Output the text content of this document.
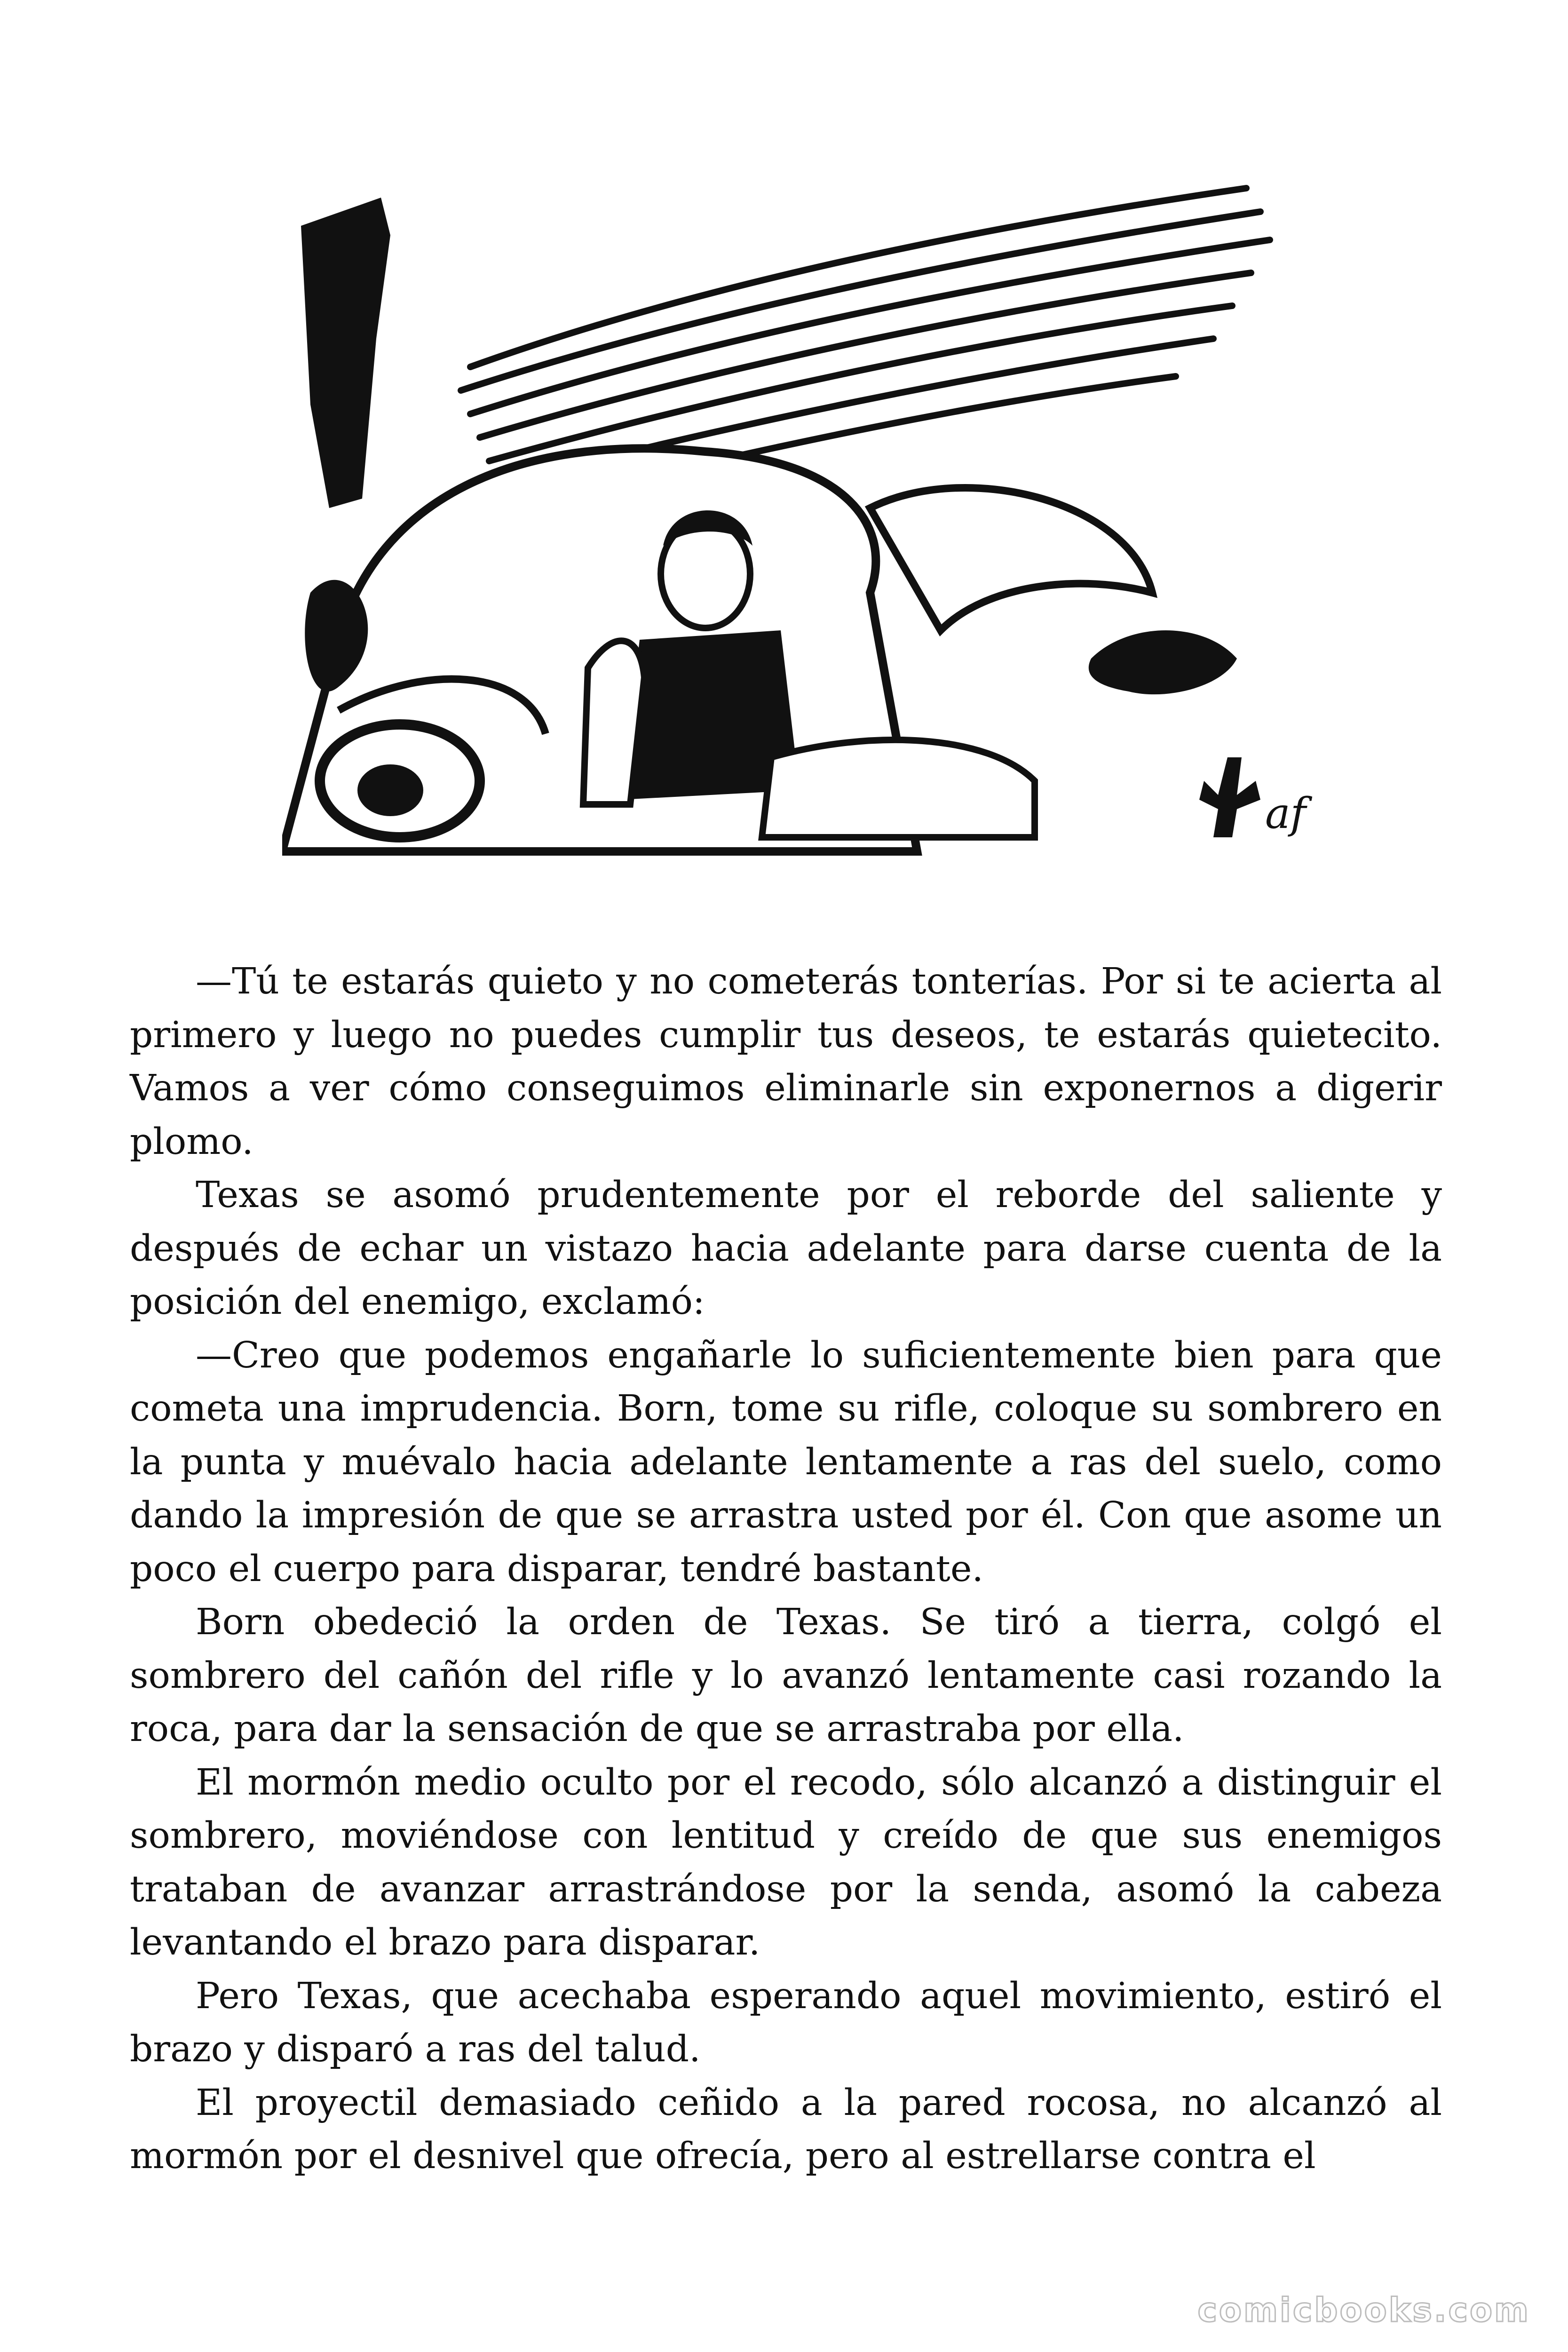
af

—Tú te estarás quieto y no cometerás tonterías. Por si te acierta al primero y luego no puedes cumplir tus deseos, te estarás quietecito. Vamos a ver cómo conseguimos eliminarle sin exponernos a digerir plomo.

Texas se asomó prudentemente por el reborde del saliente y después de echar un vistazo hacia adelante para darse cuenta de la posición del enemigo, exclamó:

—Creo que podemos engañarle lo suficientemente bien para que cometa una imprudencia. Born, tome su rifle, coloque su sombrero en la punta y muévalo hacia adelante lentamente a ras del suelo, como dando la impresión de que se arrastra usted por él. Con que asome un poco el cuerpo para disparar, tendré bastante.

Born obedeció la orden de Texas. Se tiró a tierra, colgó el sombrero del cañón del rifle y lo avanzó lentamente casi rozando la roca, para dar la sensación de que se arrastraba por ella.

El mormón medio oculto por el recodo, sólo alcanzó a distinguir el sombrero, moviéndose con lentitud y creído de que sus enemigos trataban de avanzar arrastrándose por la senda, asomó la cabeza levantando el brazo para disparar.

Pero Texas, que acechaba esperando aquel movimiento, estiró el brazo y disparó a ras del talud.

El proyectil demasiado ceñido a la pared rocosa, no alcanzó al mormón por el desnivel que ofrecía, pero al estrellarse contra el

comicbooks.com
